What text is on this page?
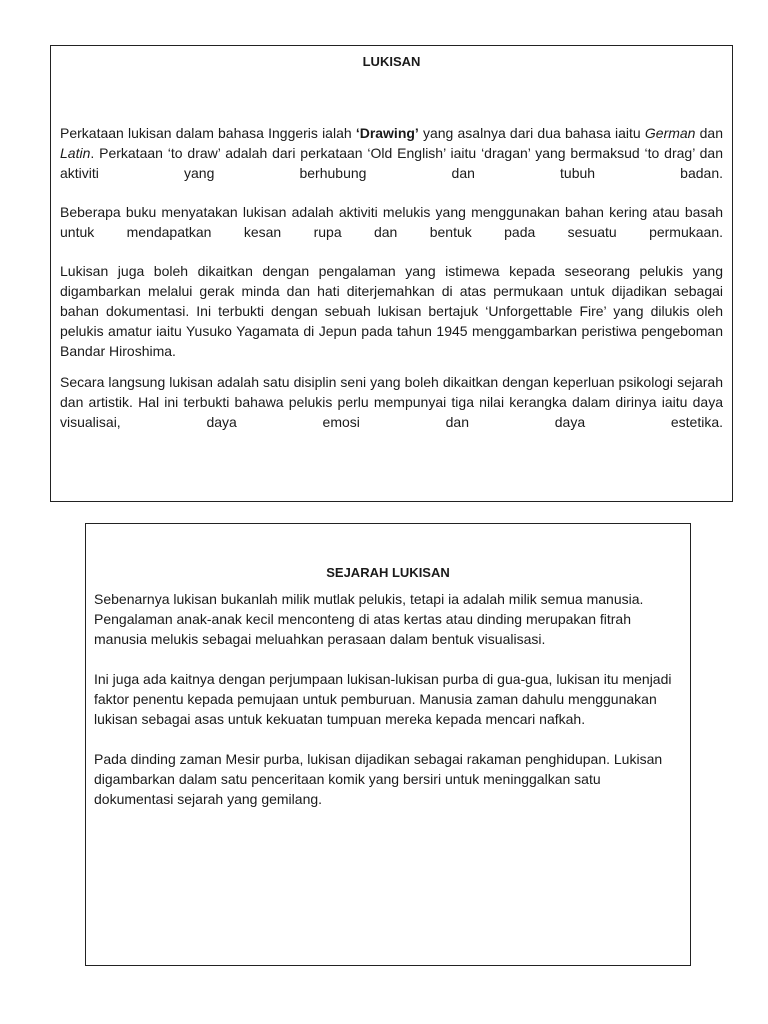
LUKISAN

Perkataan lukisan dalam bahasa Inggeris ialah ‘Drawing’ yang asalnya dari dua bahasa iaitu German dan Latin. Perkataan ‘to draw’ adalah dari perkataan ‘Old English’ iaitu ‘dragan’ yang bermaksud ‘to drag’ dan aktiviti yang berhubung dan tubuh badan.

Beberapa buku menyatakan lukisan adalah aktiviti melukis yang menggunakan bahan kering atau basah untuk mendapatkan kesan rupa dan bentuk pada sesuatu permukaan.

Lukisan juga boleh dikaitkan dengan pengalaman yang istimewa kepada seseorang pelukis yang digambarkan melalui gerak minda dan hati diterjemahkan di atas permukaan untuk dijadikan sebagai bahan dokumentasi. Ini terbukti dengan sebuah lukisan bertajuk ‘Unforgettable Fire’ yang dilukis oleh pelukis amatur iaitu Yusuko Yagamata di Jepun pada tahun 1945 menggambarkan peristiwa pengeboman Bandar Hiroshima.

Secara langsung lukisan adalah satu disiplin seni yang boleh dikaitkan dengan keperluan psikologi sejarah dan artistik. Hal ini terbukti bahawa pelukis perlu mempunyai tiga nilai kerangka dalam dirinya iaitu daya visualisai, daya emosi dan daya estetika.

SEJARAH LUKISAN

Sebenarnya lukisan bukanlah milik mutlak pelukis, tetapi ia adalah milik semua manusia. Pengalaman anak-anak kecil menconteng di atas kertas atau dinding merupakan fitrah manusia melukis sebagai meluahkan perasaan dalam bentuk visualisasi.

Ini juga ada kaitnya dengan perjumpaan lukisan-lukisan purba di gua-gua, lukisan itu menjadi faktor penentu kepada pemujaan untuk pemburuan. Manusia zaman dahulu menggunakan lukisan sebagai asas untuk kekuatan tumpuan mereka kepada mencari nafkah.

Pada dinding zaman Mesir purba, lukisan dijadikan sebagai rakaman penghidupan. Lukisan digambarkan dalam satu penceritaan komik yang bersiri untuk meninggalkan satu dokumentasi sejarah yang gemilang.
